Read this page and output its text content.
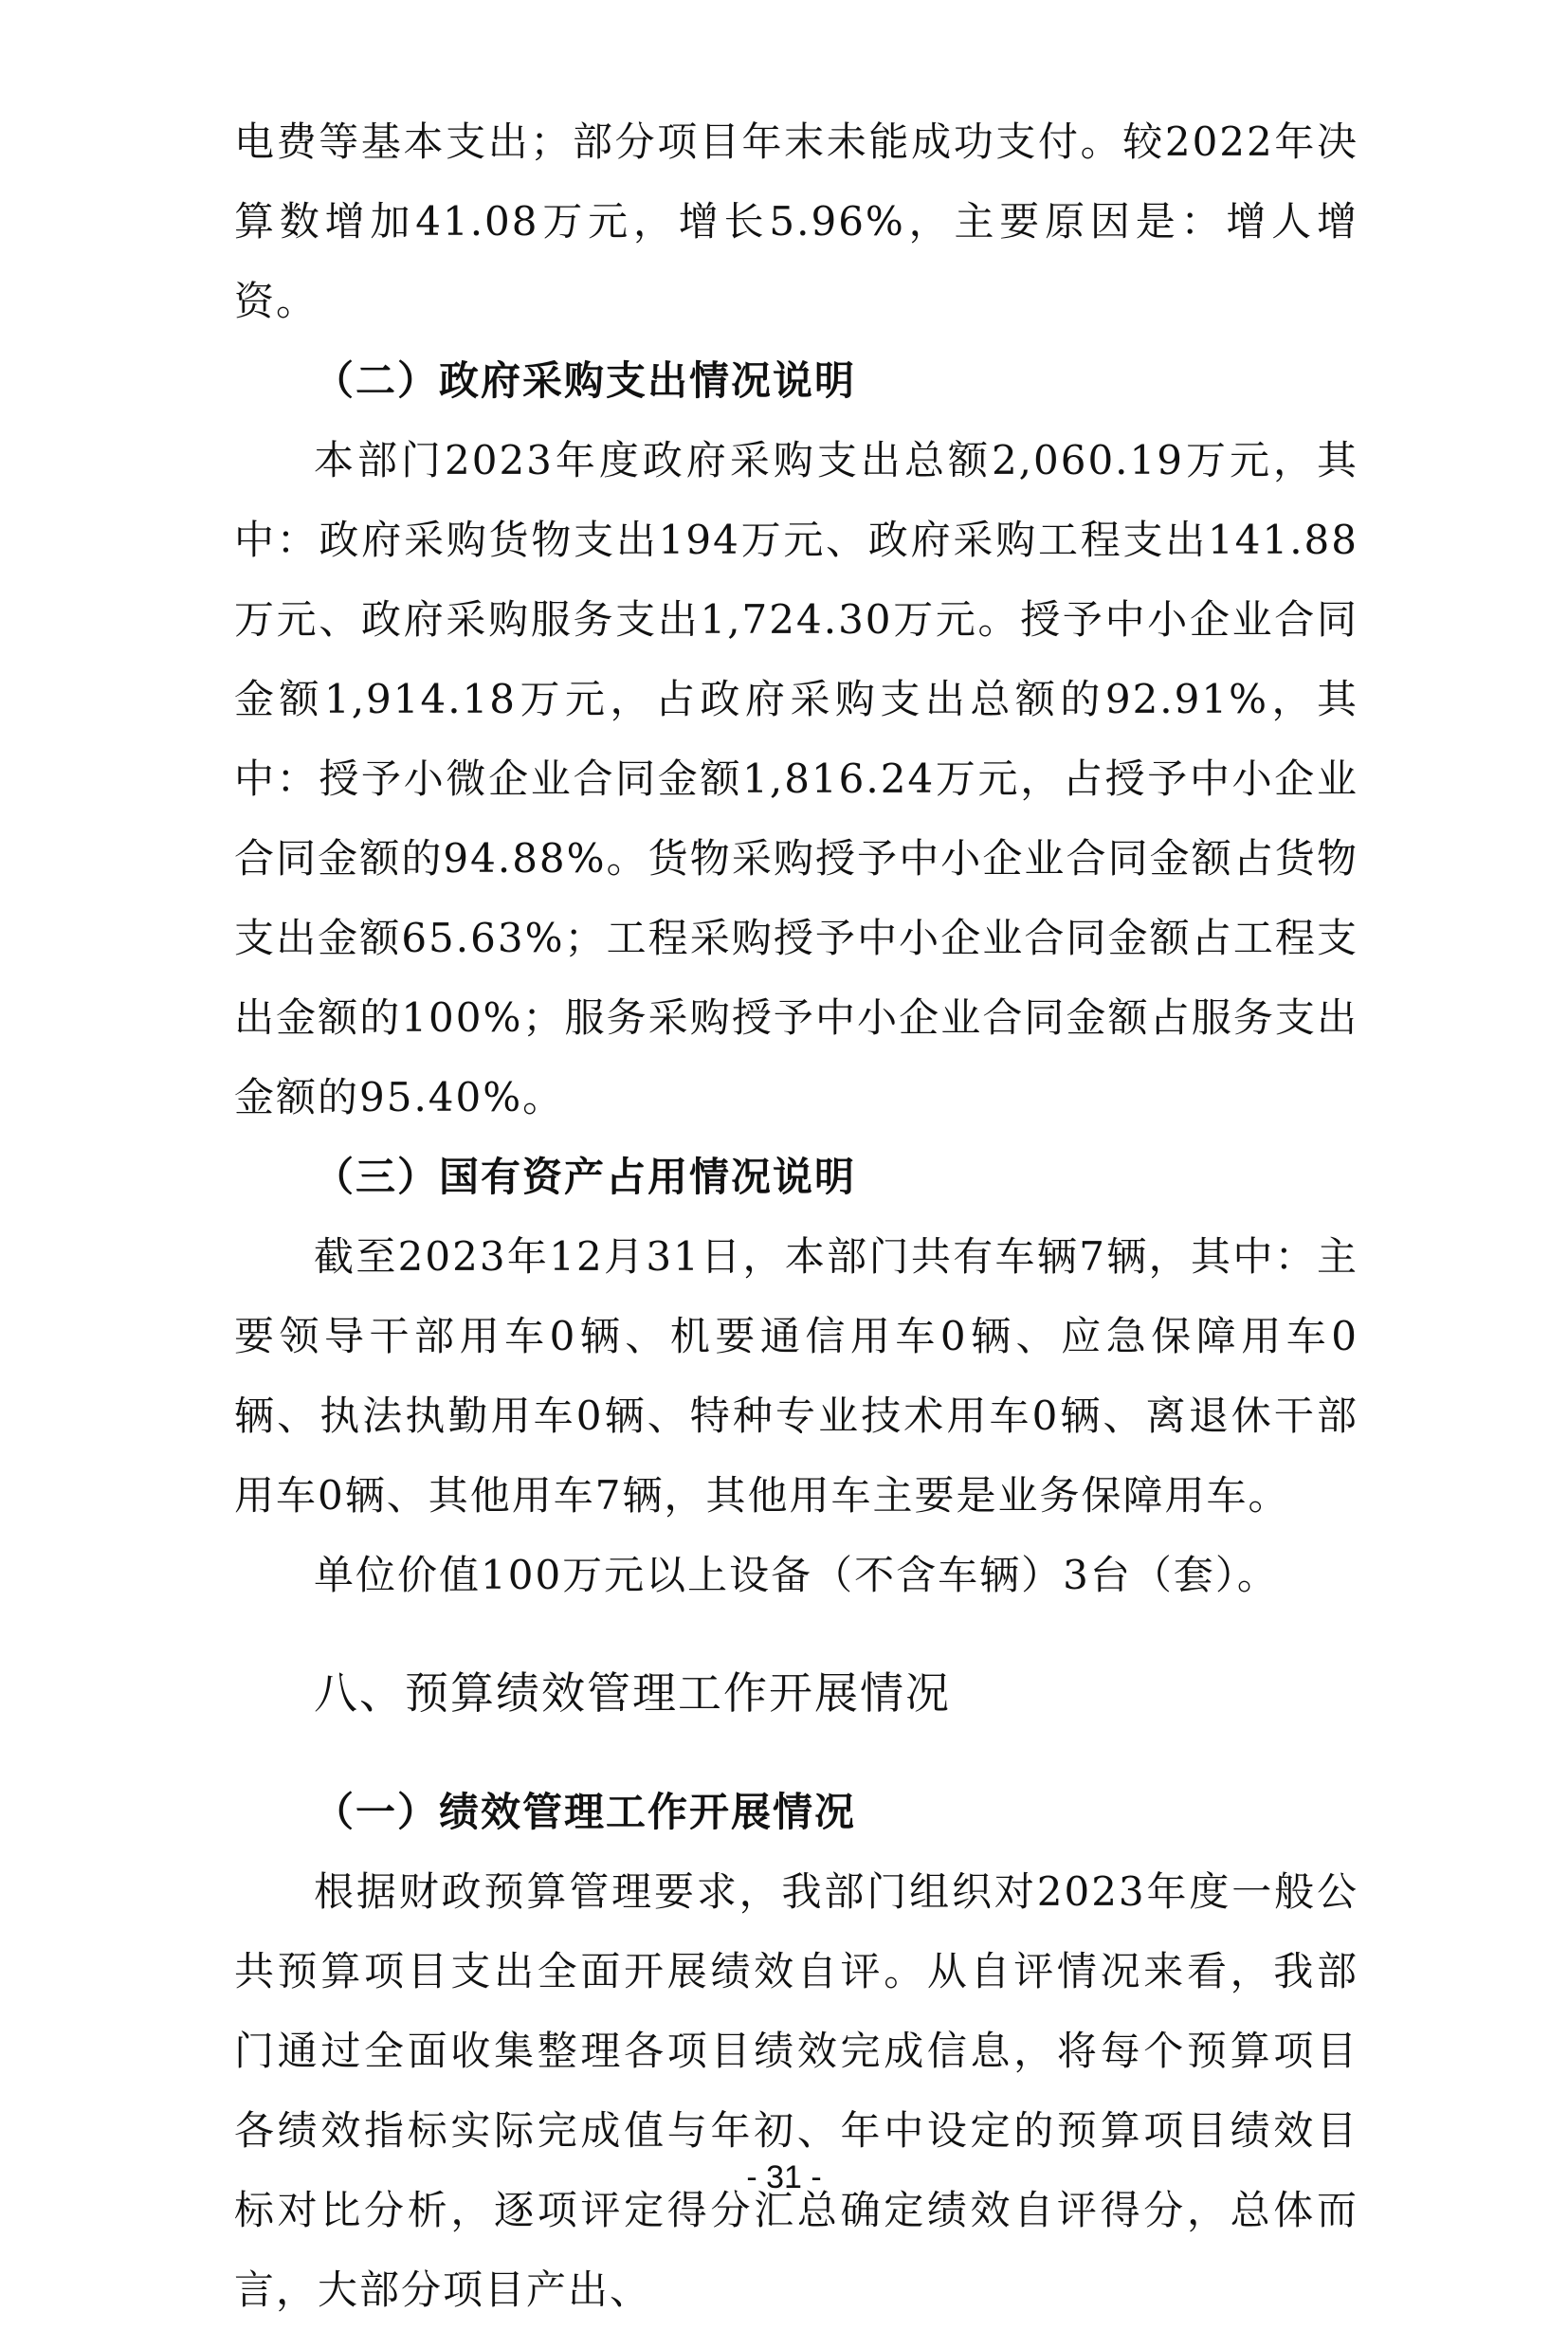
电费等基本支出；部分项目年末未能成功支付。较2022年决算数增加41.08万元，增长5.96%，主要原因是：增人增资。

（二）政府采购支出情况说明

本部门2023年度政府采购支出总额2,060.19万元，其中：政府采购货物支出194万元、政府采购工程支出141.88万元、政府采购服务支出1,724.30万元。授予中小企业合同金额1,914.18万元，占政府采购支出总额的92.91%，其中：授予小微企业合同金额1,816.24万元，占授予中小企业合同金额的94.88%。货物采购授予中小企业合同金额占货物支出金额65.63%；工程采购授予中小企业合同金额占工程支出金额的100%；服务采购授予中小企业合同金额占服务支出金额的95.40%。

（三）国有资产占用情况说明

截至2023年12月31日，本部门共有车辆7辆，其中：主要领导干部用车0辆、机要通信用车0辆、应急保障用车0辆、执法执勤用车0辆、特种专业技术用车0辆、离退休干部用车0辆、其他用车7辆，其他用车主要是业务保障用车。

单位价值100万元以上设备（不含车辆）3台（套）。

八、预算绩效管理工作开展情况

（一）绩效管理工作开展情况

根据财政预算管理要求，我部门组织对2023年度一般公共预算项目支出全面开展绩效自评。从自评情况来看，我部门通过全面收集整理各项目绩效完成信息，将每个预算项目各绩效指标实际完成值与年初、年中设定的预算项目绩效目标对比分析，逐项评定得分汇总确定绩效自评得分，总体而言，大部分项目产出、

- 31 -
